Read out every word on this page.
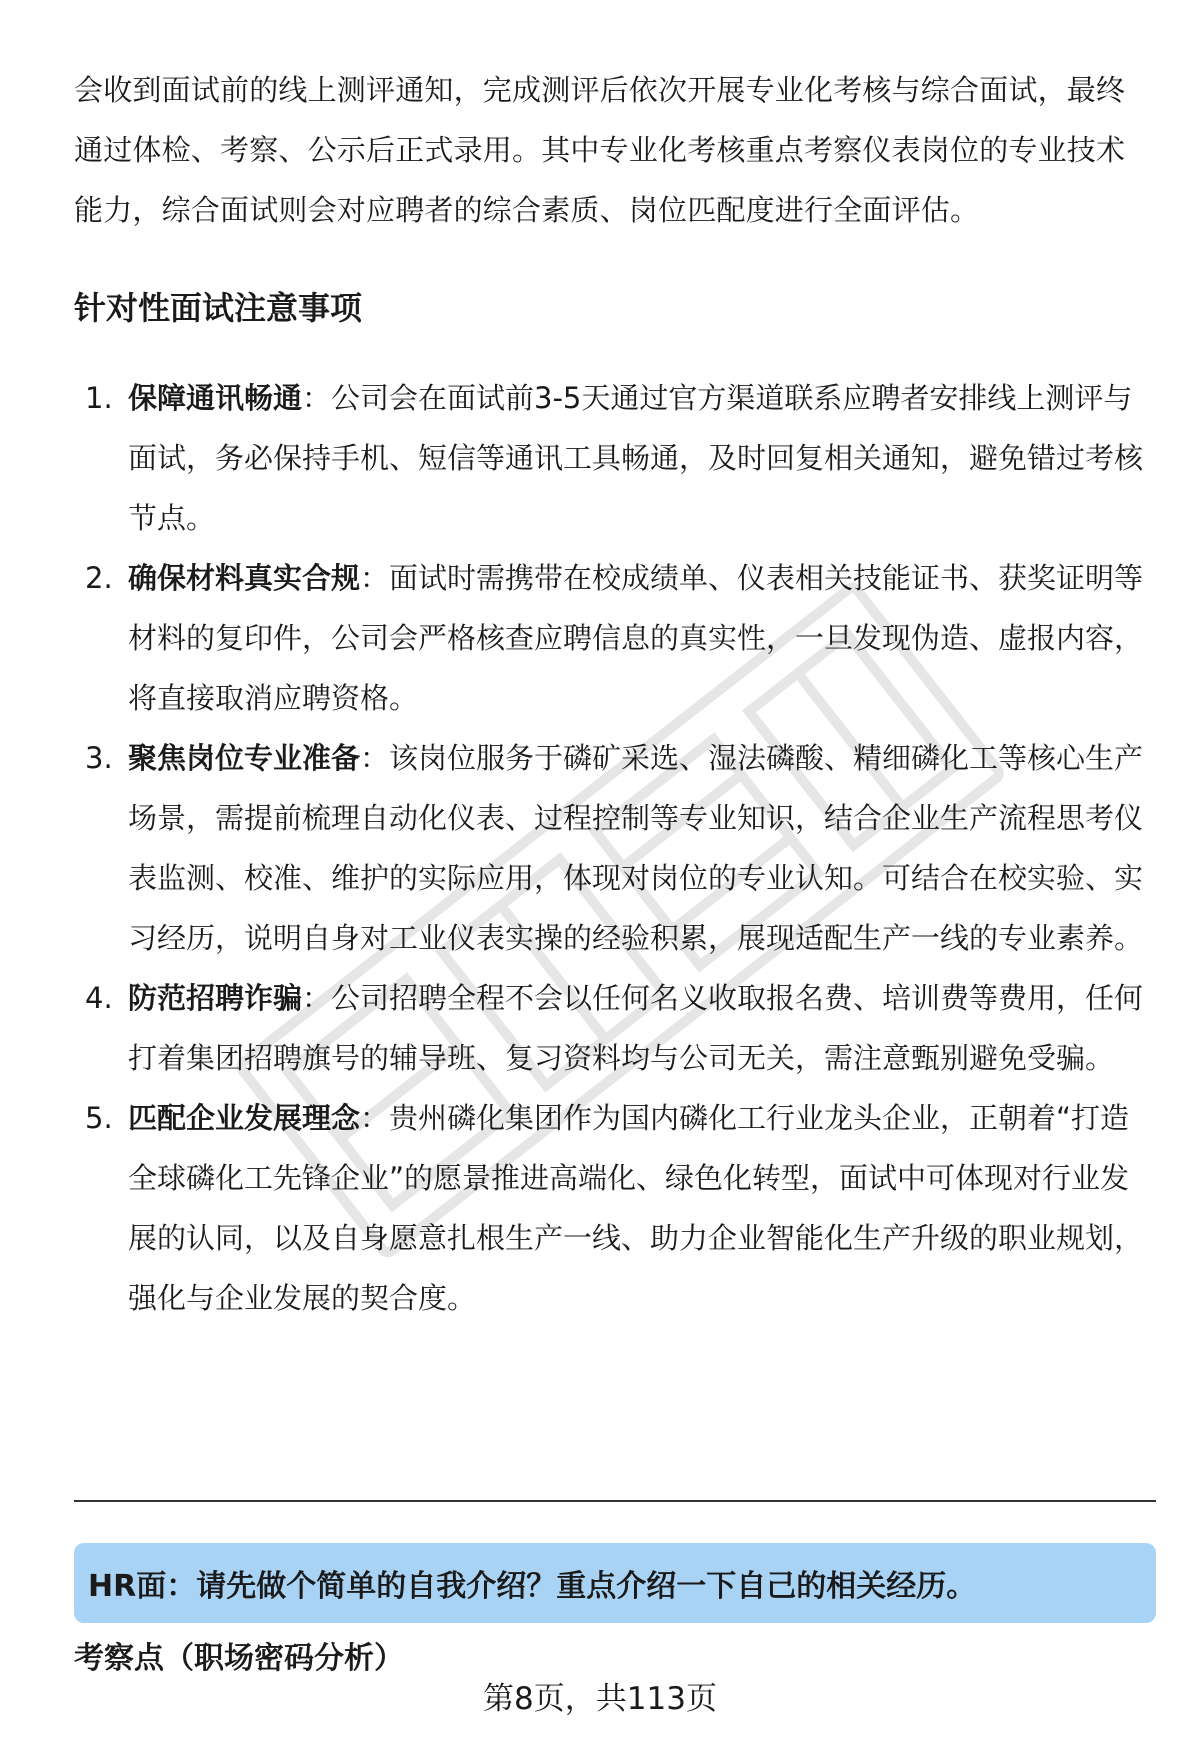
会收到面试前的线上测评通知，完成测评后依次开展专业化考核与综合面试，最终通过体检、考察、公示后正式录用。其中专业化考核重点考察仪表岗位的专业技术能力，综合面试则会对应聘者的综合素质、岗位匹配度进行全面评估。

针对性面试注意事项
1. 保障通讯畅通：公司会在面试前3-5天通过官方渠道联系应聘者安排线上测评与面试，务必保持手机、短信等通讯工具畅通，及时回复相关通知，避免错过考核节点。
2. 确保材料真实合规：面试时需携带在校成绩单、仪表相关技能证书、获奖证明等材料的复印件，公司会严格核查应聘信息的真实性，一旦发现伪造、虚报内容，将直接取消应聘资格。
3. 聚焦岗位专业准备：该岗位服务于磷矿采选、湿法磷酸、精细磷化工等核心生产场景，需提前梳理自动化仪表、过程控制等专业知识，结合企业生产流程思考仪表监测、校准、维护的实际应用，体现对岗位的专业认知。可结合在校实验、实习经历，说明自身对工业仪表实操的经验积累，展现适配生产一线的专业素养。
4. 防范招聘诈骗：公司招聘全程不会以任何名义收取报名费、培训费等费用，任何打着集团招聘旗号的辅导班、复习资料均与公司无关，需注意甄别避免受骗。
5. 匹配企业发展理念：贵州磷化集团作为国内磷化工行业龙头企业，正朝着“打造全球磷化工先锋企业”的愿景推进高端化、绿色化转型，面试中可体现对行业发展的认同，以及自身愿意扎根生产一线、助力企业智能化生产升级的职业规划，强化与企业发展的契合度。

HR面：请先做个简单的自我介绍？重点介绍一下自己的相关经历。

考察点（职场密码分析）
第8页，共113页
